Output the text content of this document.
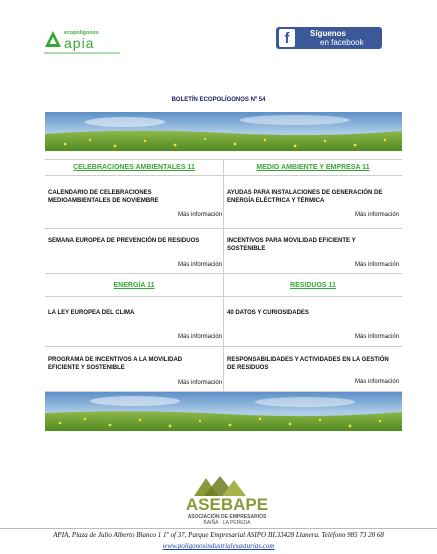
ecopolígonos
apia	f	Síguenos
en facebook
BOLETÍN ECOPOLÍGONOS Nº 54
CELEBRACIONES AMBIENTALES 11
CALENDARIO DE CELEBRACIONES MEDIOAMBIENTALES DE NOVIEMBRE
Más información
SEMANA EUROPEA DE PREVENCIÓN DE RESIDUOS
Más información
MEDIO AMBIENTE Y EMPRESA 11
AYUDAS PARA INSTALACIONES DE GENERACIÓN DE ENERGÍA ELÉCTRICA Y TÉRMICA
Más información
INCENTIVOS PARA MOVILIDAD EFICIENTE Y SOSTENIBLE
Más información
ENERGÍA 11
LA LEY EUROPEA DEL CLIMA
Más información
PROGRAMA DE INCENTIVOS A LA MOVILIDAD EFICIENTE Y SOSTENIBLE
Más información
RESIDUOS 11
40 DATOS Y CURIOSIDADES
Más información
RESPONSABILIDADES Y ACTIVIDADES EN LA GESTIÓN DE RESIDUOS
Más información
ASEBAPE
ASOCIACIÓN DE EMPRESARIOS
BAIÑA · LA PEREDA
APIA, Plaza de Julio Alberto Blanco 1 1º of 37, Parque Empresarial ASIPO III.33428 Llanera. Teléfono 985 73 20 68
www.poligonosindustrialesasturias.com
